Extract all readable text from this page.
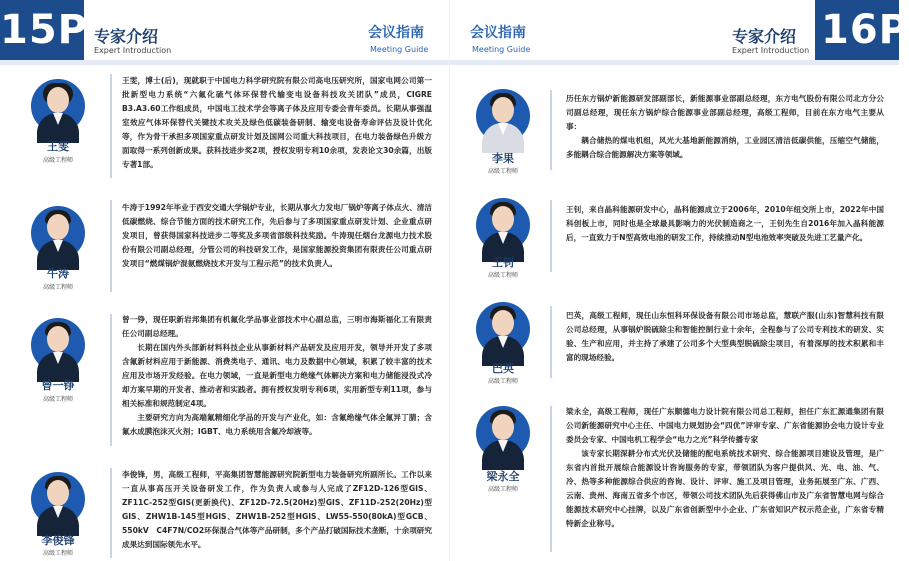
15P 专家介绍
Expert Introduction
会议指南
Meeting Guide
王雯
高级工程师

王雯，博士(后)，现就职于中国电力科学研究院有限公司高电压研究所，国家电网公司第一批新型电力系统“六氟化硫气体环保替代输变电设备科技攻关团队”成员，CIGRE B3.A3.60工作组成员，中国电工技术学会等离子体及应用专委会青年委员。长期从事强温室效应气体环保替代关键技术攻关及绿色低碳装备研制、输变电设备寿命评估及设计优化等，作为骨干承担多项国家重点研发计划及国网公司重大科技项目，在电力装备绿色升级方面取得一系列创新成果。获科技进步奖2项，授权发明专利10余项，发表论文30余篇，出版专著1部。

牛涛
高级工程师

牛涛于1992年毕业于西安交通大学锅炉专业，长期从事火力发电厂锅炉等离子体点火、清洁低碳燃烧、综合节能方面的技术研究工作，先后参与了多项国家重点研发计划、企业重点研发项目，曾获得国家科技进步二等奖及多项省部级科技奖励。牛涛现任烟台龙源电力技术股份有限公司副总经理，分管公司的科技研发工作，是国家能源投资集团有限责任公司重点研发项目“燃煤锅炉混氨燃烧技术开发与工程示范”的技术负责人。

曾一铮
高级工程师

曾一铮，现任职新岩邦集团有机氟化学品事业部技术中心副总监，三明市海斯福化工有限责任公司副总经理。

长期在国内外头部新材料科技企业从事新材料产品研发及应用开发，领导并开发了多项含氟新材料应用于新能源、消费类电子、通讯、电力及数据中心领域，积累了较丰富的技术应用及市场开发经验。在电力领域，一直是新型电力绝缘气体解决方案和电力储能浸没式冷却方案早期的开发者、推动者和实践者。拥有授权发明专利6项，实用新型专利11项，参与相关标准和规范制定4项。

主要研究方向为高端氟精细化学品的开发与产业化，如：含氟绝缘气体全氟异丁腈；含氟水成膜泡沫灭火剂；IGBT、电力系统用含氟冷却液等。

李俊锋
高级工程师

李俊锋，男，高级工程师，平高集团智慧能源研究院新型电力装备研究所副所长。工作以来一直从事高压开关设备研发工作，作为负责人或参与人完成了ZF12D-126型GIS、ZF11C-252型GIS(更新换代)、ZF12D-72.5(20Hz)型GIS、ZF11D-252(20Hz)型GIS、ZHW1B-145型HGIS、ZHW1B-252型HGIS、LW55-550(80kA)型GCB、550kV　C4F7N/CO2环保混合气体等产品研制，多个产品打破国际技术垄断，十余项研究成果达到国际领先水平。

16P
会议指南
Meeting Guide
专家介绍
Expert Introduction
李果
高级工程师

历任东方锅炉新能源研发部副部长，新能源事业部副总经理，东方电气股份有限公司北方分公司副总经理，现任东方锅炉综合能源事业部副总经理，高级工程师，目前在东方电气主要从事：

耦合储热的煤电机组，风光大基地新能源消纳，工业园区清洁低碳供能，压缩空气储能，多能耦合综合能源解决方案等领域。

王钊
高级工程师

王钊，来自晶科能源研发中心，晶科能源成立于2006年，2010年纽交所上市，2022年中国科创板上市，同时也是全球最具影响力的光伏制造商之一，王钊先生自2016年加入晶科能源后，一直致力于N型高效电池的研发工作，持续推动N型电池效率突破及先进工艺量产化。

巴英
高级工程师

巴英，高级工程师，现任山东恒科环保设备有限公司市场总监，慧联产服(山东)智慧科技有限公司总经理，从事锅炉脱硫除尘和智能控制行业十余年，全程参与了公司专利技术的研发、实验、生产和应用，并主持了承建了公司多个大型典型脱硫除尘项目，有着深厚的技术积累和丰富的现场经验。

梁永全
高级工程师

梁永全，高级工程师，现任广东顺德电力设计院有限公司总工程师，担任广东汇源通集团有限公司新能源研究中心主任、中国电力规划协会“四优”评审专家、广东省能源协会电力设计专业委员会专家、中国电机工程学会“电力之光”科学传播专家

该专家长期深耕分布式光伏及储能的配电系统技术研究、综合能源项目建设及管理，是广东省内首批开展综合能源设计咨询服务的专家，带领团队为客户提供风、光、电、油、气、冷、热等多种能源综合供应的咨询、设计、评审、施工及项目管理，业务拓展至广东、广西、云南、贵州、海南五省多个市区，带领公司技术团队先后获得佛山市及广东省智慧电网与综合能源技术研究中心挂牌，以及广东省创新型中小企业、广东省知识产权示范企业，广东省专精特新企业称号。
